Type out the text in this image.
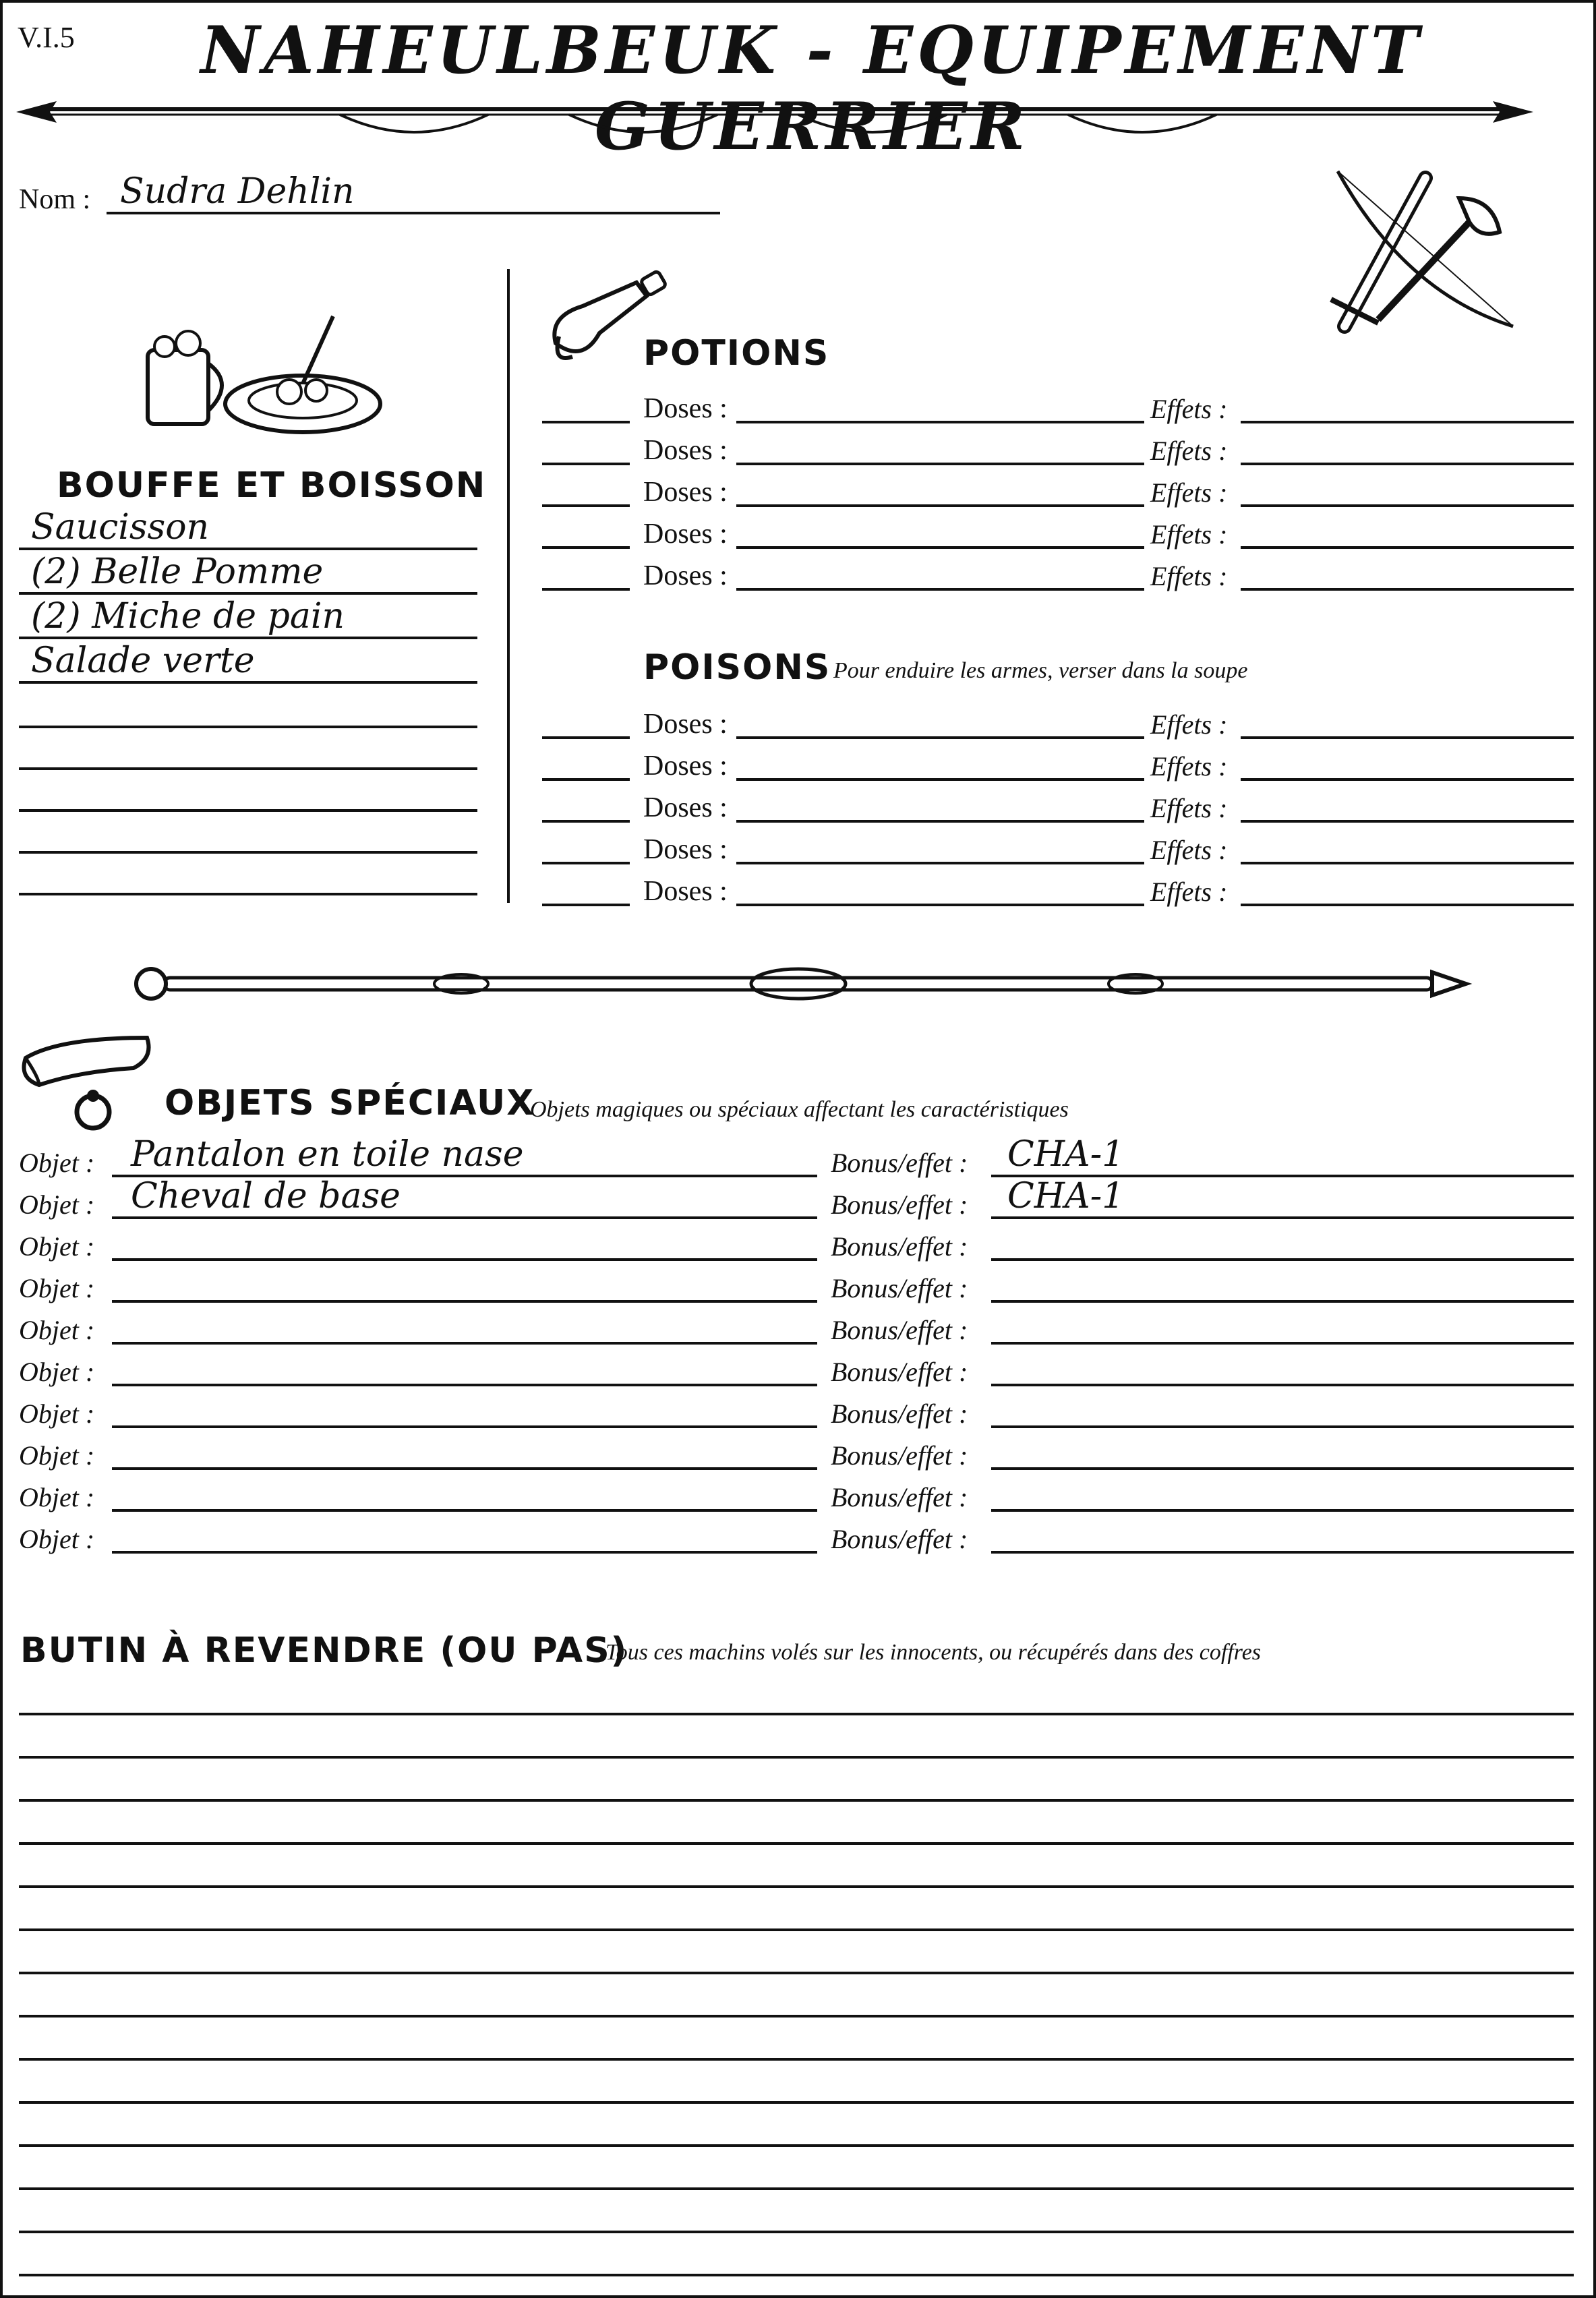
V.I.5	NAHEULBEUK - EQUIPEMENT GUERRIER
Nom : Sudra Dehlin
BOUFFE ET BOISSON
Saucisson
(2) Belle Pomme
(2) Miche de pain
Salade verte
POTIONS
Doses :	Effets :
Doses :	Effets :
Doses :	Effets :
Doses :	Effets :
Doses :	Effets :
POISONS Pour enduire les armes, verser dans la soupe
Doses :	Effets :
Doses :	Effets :
Doses :	Effets :
Doses :	Effets :
Doses :	Effets :
OBJETS SPÉCIAUX
Objets magiques ou spéciaux affectant les caractéristiques
Objet : Pantalon en toile nase	Bonus/effet : CHA-1
Objet : Cheval de base	Bonus/effet : CHA-1
Objet :	Bonus/effet :
Objet :	Bonus/effet :
Objet :	Bonus/effet :
Objet :	Bonus/effet :
Objet :	Bonus/effet :
Objet :	Bonus/effet :
Objet :	Bonus/effet :
Objet :	Bonus/effet :
BUTIN À REVENDRE (OU PAS)
Tous ces machins volés sur les innocents, ou récupérés dans des coffres
